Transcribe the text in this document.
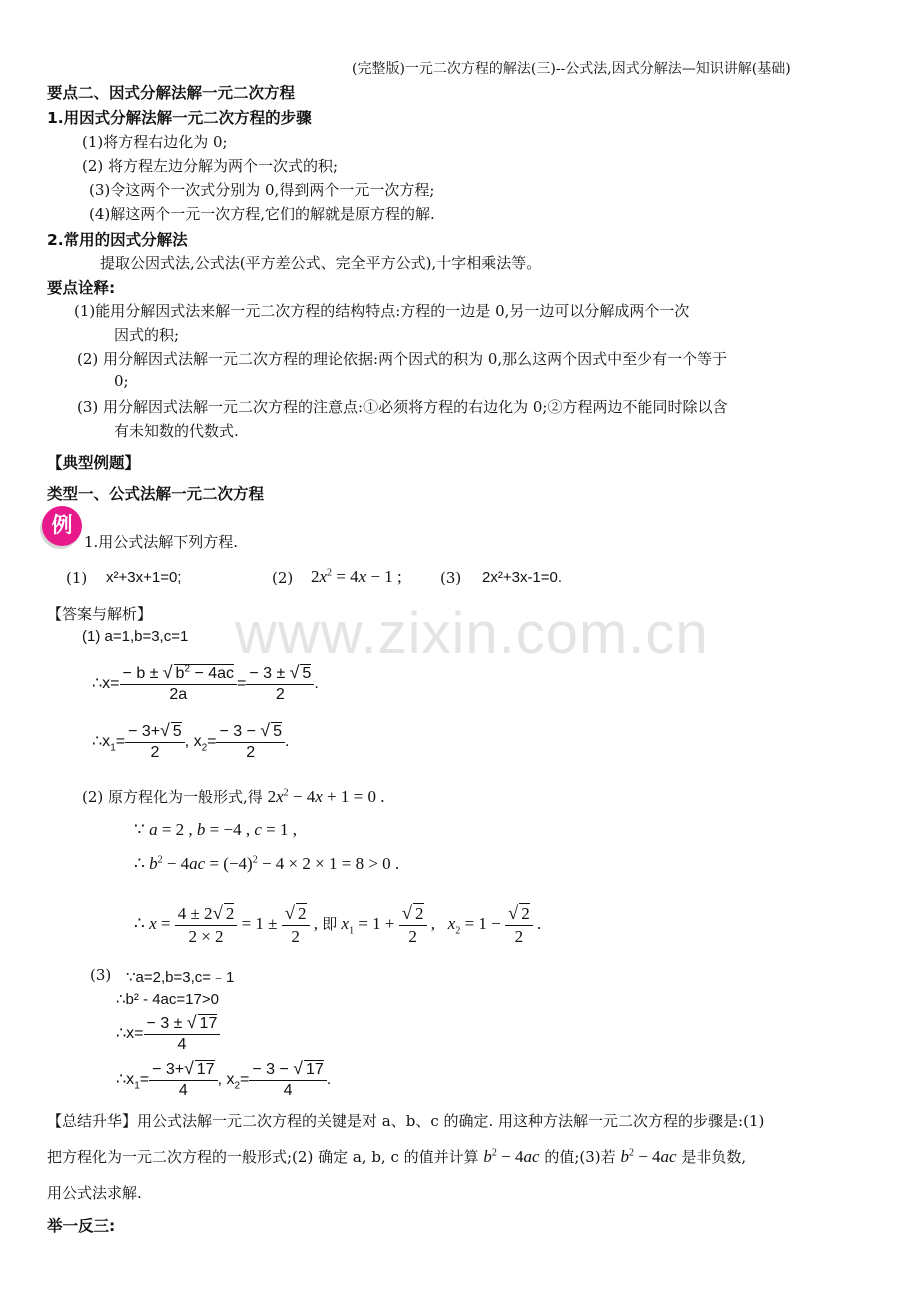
www.zixin.com.cn
(完整版)一元二次方程的解法(三)--公式法,因式分解法—知识讲解(基础)
要点二、因式分解法解一元二次方程
1.用因式分解法解一元二次方程的步骤
(1)将方程右边化为 0;
(2) 将方程左边分解为两个一次式的积;
(3)令这两个一次式分别为 0,得到两个一元一次方程;
(4)解这两个一元一次方程,它们的解就是原方程的解.
2.常用的因式分解法
提取公因式法,公式法(平方差公式、完全平方公式),十字相乘法等。
要点诠释:
(1)能用分解因式法来解一元二次方程的结构特点:方程的一边是 0,另一边可以分解成两个一次
因式的积;
(2) 用分解因式法解一元二次方程的理论依据:两个因式的积为 0,那么这两个因式中至少有一个等于
0;
(3) 用分解因式法解一元二次方程的注意点:①必须将方程的右边化为 0;②方程两边不能同时除以含
有未知数的代数式.
【典型例题】
类型一、公式法解一元二次方程
例
1.用公式法解下列方程.
(1) x²+3x+1=0;	(2) $2x^2 = 4x - 1$ ;	(3) 2x²+3x-1=0.
【答案与解析】
(1) a=1,b=3,c=1
∴x= $\frac{- b \pm √ b^2 - 4ac}{2a} = \frac{- 3 \pm √ 5}{2}$ .
$\therefore x_1= \frac{- 3+√ 5}{2}$ , $x_2= \frac{- 3 - √ 5}{2}$ .
(2) 原方程化为一般形式,得 $2x^2 - 4x + 1 = 0$ .
∵ a = 2 , b = −4 , c = 1 ,
∴ $b^2 - 4ac = (-4)^2 - 4 \times 2 \times 1 = 8 > 0$ .
∴ $x = \frac{4 \pm 2√ 2}{2 \times 2} = 1 \pm \frac{√ 2}{2}$ , 即 $x_1 = 1 + \frac{√ 2}{2}$ ,   $x_2 = 1 - \frac{√ 2}{2}$ .
(3) ∵a=2,b=3,c=﹣1
∴b² - 4ac=17>0
∴x= $\frac{- 3 \pm √ 17}{4}$
$\therefore x_1= \frac{- 3+√ 17}{4}$ , $x_2= \frac{- 3 - √ 17}{4}$ .
【总结升华】用公式法解一元二次方程的关键是对 a、b、c 的确定. 用这种方法解一元二次方程的步骤是:(1)
把方程化为一元二次方程的一般形式;(2) 确定 a, b, c 的值并计算 $b^2 - 4ac$ 的值;(3)若 $b^2 - 4ac$ 是非负数,
用公式法求解.
举一反三:
